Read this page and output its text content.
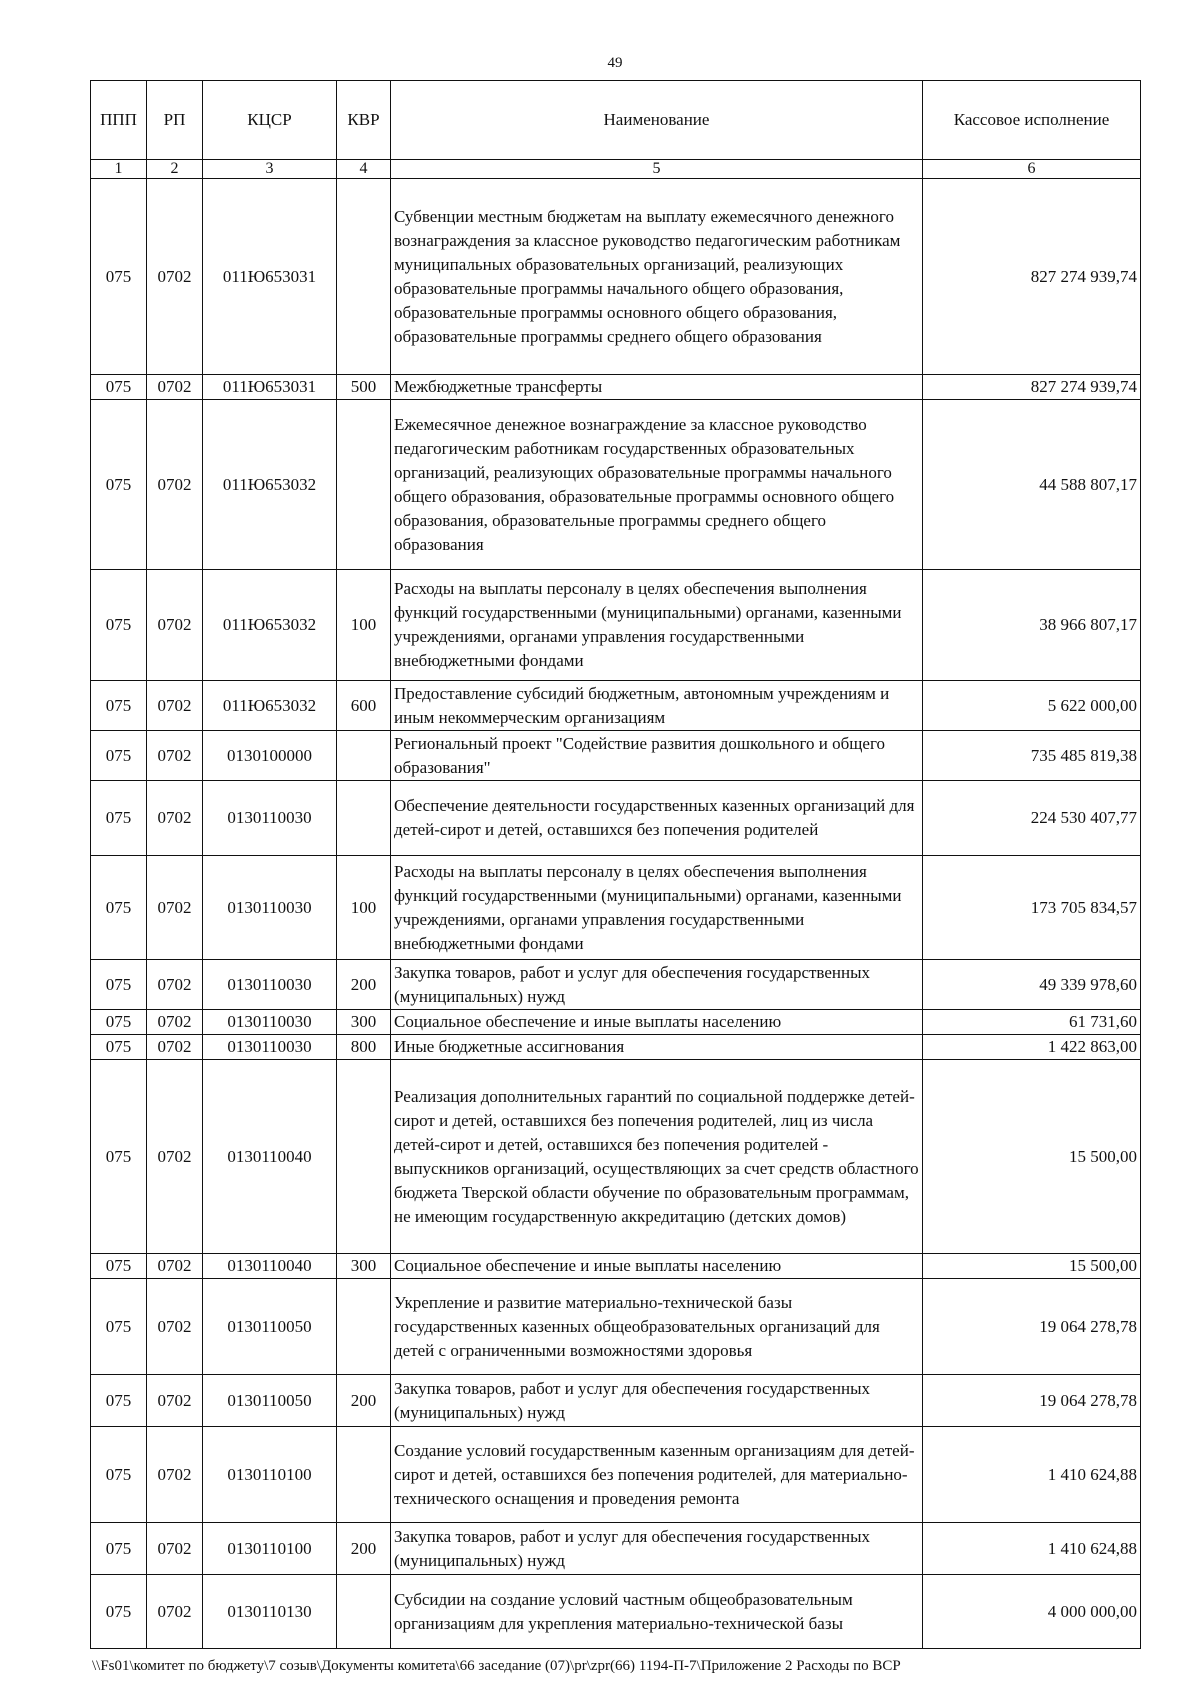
49
ППП	РП	КЦСР	КВР	Наименование	Кассовое исполнение
1	2	3	4	5	6
075	0702	011Ю653031		Субвенции местным бюджетам на выплату ежемесячного денежного вознаграждения за классное руководство педагогическим работникам муниципальных образовательных организаций, реализующих образовательные программы начального общего образования, образовательные программы основного общего образования, образовательные программы среднего общего образования	827 274 939,74
075	0702	011Ю653031	500	Межбюджетные трансферты	827 274 939,74
075	0702	011Ю653032		Ежемесячное денежное вознаграждение за классное руководство педагогическим работникам государственных образовательных организаций, реализующих образовательные программы начального общего образования, образовательные программы основного общего образования, образовательные программы среднего общего образования	44 588 807,17
075	0702	011Ю653032	100	Расходы на выплаты персоналу в целях обеспечения выполнения функций государственными (муниципальными) органами, казенными учреждениями, органами управления государственными внебюджетными фондами	38 966 807,17
075	0702	011Ю653032	600	Предоставление субсидий бюджетным, автономным учреждениям и иным некоммерческим организациям	5 622 000,00
075	0702	0130100000		Региональный проект "Содействие развития дошкольного и общего образования"	735 485 819,38
075	0702	0130110030		Обеспечение деятельности государственных казенных организаций для детей-сирот и детей, оставшихся без попечения родителей	224 530 407,77
075	0702	0130110030	100	Расходы на выплаты персоналу в целях обеспечения выполнения функций государственными (муниципальными) органами, казенными учреждениями, органами управления государственными внебюджетными фондами	173 705 834,57
075	0702	0130110030	200	Закупка товаров, работ и услуг для обеспечения государственных (муниципальных) нужд	49 339 978,60
075	0702	0130110030	300	Социальное обеспечение и иные выплаты населению	61 731,60
075	0702	0130110030	800	Иные бюджетные ассигнования	1 422 863,00
075	0702	0130110040		Реализация дополнительных гарантий по социальной поддержке детей-сирот и детей, оставшихся без попечения родителей, лиц из числа детей-сирот и детей, оставшихся без попечения родителей - выпускников организаций, осуществляющих за счет средств областного бюджета Тверской области обучение по образовательным программам, не имеющим государственную аккредитацию (детских домов)	15 500,00
075	0702	0130110040	300	Социальное обеспечение и иные выплаты населению	15 500,00
075	0702	0130110050		Укрепление и развитие материально-технической базы государственных казенных общеобразовательных организаций для детей с ограниченными возможностями здоровья	19 064 278,78
075	0702	0130110050	200	Закупка товаров, работ и услуг для обеспечения государственных (муниципальных) нужд	19 064 278,78
075	0702	0130110100		Создание условий государственным казенным организациям для детей-сирот и детей, оставшихся без попечения родителей, для материально-технического оснащения и проведения ремонта	1 410 624,88
075	0702	0130110100	200	Закупка товаров, работ и услуг для обеспечения государственных (муниципальных) нужд	1 410 624,88
075	0702	0130110130		Субсидии на создание условий частным общеобразовательным организациям для укрепления материально-технической базы	4 000 000,00
\\Fs01\комитет по бюджету\7 созыв\Документы комитета\66 заседание (07)\pr\zpr(66) 1194-П-7\Приложение 2 Расходы по ВСР
